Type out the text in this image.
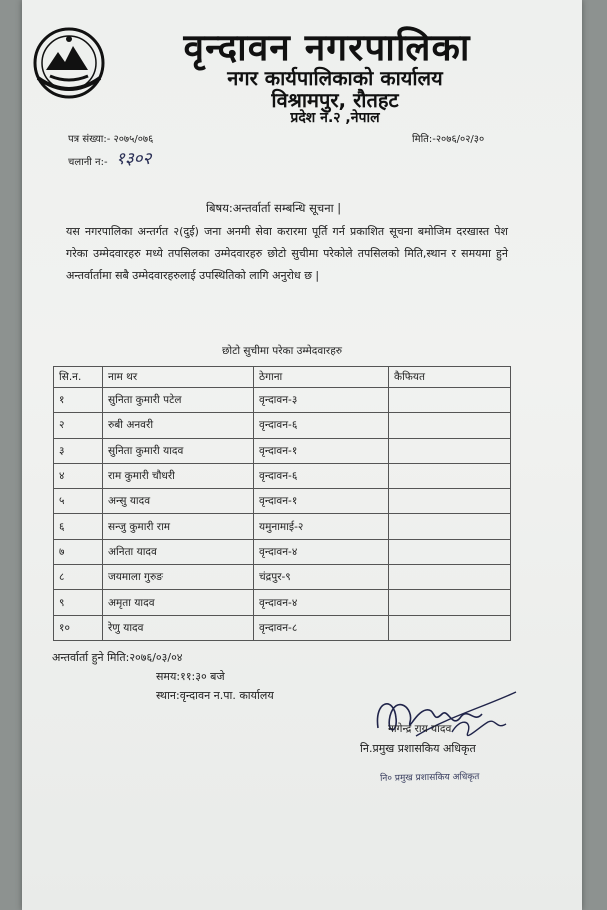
वृन्दावन नगरपालिका
नगर कार्यपालिकाको कार्यालय
विश्रामपुर, रौतहट
प्रदेश नं.२ ,नेपाल
पत्र संख्या:- २०७५/०७६	मिति:-२०७६/०२/३०
चलानी न:- १३०२
बिषय:अन्तर्वार्ता सम्बन्धि सूचना |
यस नगरपालिका अन्तर्गत २(दुई) जना अनमी सेवा करारमा पूर्ति गर्न प्रकाशित सूचना बमोजिम दरखास्त पेश गरेका उम्मेदवारहरु मध्ये तपसिलका उम्मेदवारहरु छोटो सुचीमा परेकोले तपसिलको मिति,स्थान र समयमा हुने अन्तर्वार्तामा सबै उम्मेदवारहरुलाई उपस्थितिको लागि अनुरोध छ |
छोटो सुचीमा परेका उम्मेदवारहरु
सि.न.	नाम थर	ठेगाना	कैफियत
१	सुनिता कुमारी पटेल	वृन्दावन-३	
२	रुबी अनवरी	वृन्दावन-६	
३	सुनिता कुमारी यादव	वृन्दावन-१	
४	राम कुमारी चौधरी	वृन्दावन-६	
५	अन्सु यादव	वृन्दावन-१	
६	सन्जु कुमारी राम	यमुनामाई-२	
७	अनिता यादव	वृन्दावन-४	
८	जयमाला गुरुङ	चंद्रपुर-९	
९	अमृता यादव	वृन्दावन-४	
१०	रेणु यादव	वृन्दावन-८	
अन्तर्वार्ता हुने मिति:२०७६/०३/०४
समय:११:३० बजे
स्थान:वृन्दावन न.पा. कार्यालय
नागेन्द्र राय यादव
नि.प्रमुख प्रशासकिय अधिकृत
नि० प्रमुख प्रशासकिय अधिकृत
